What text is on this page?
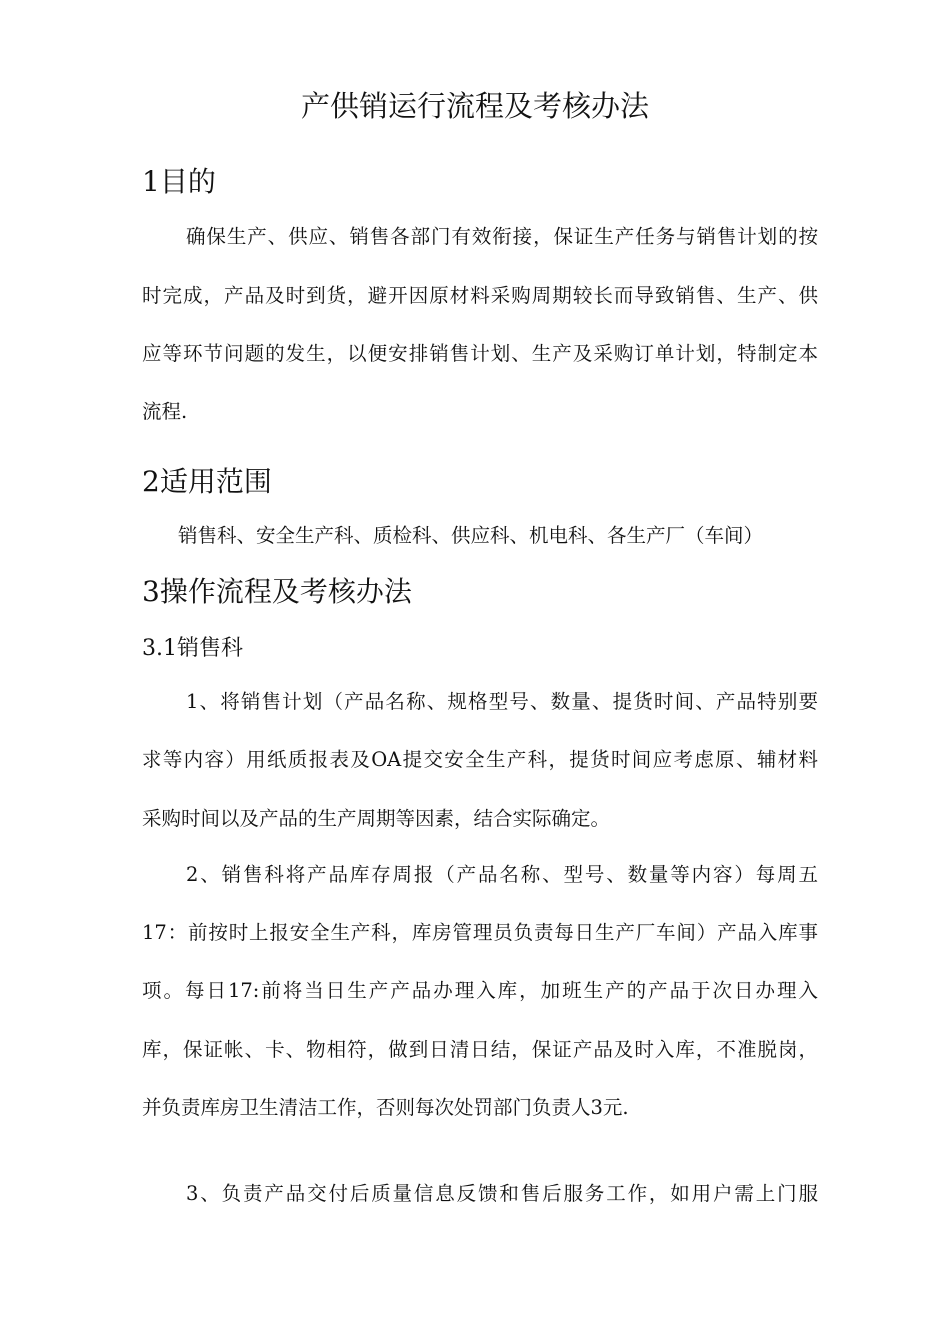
产供销运行流程及考核办法
1目的

确保生产、供应、销售各部门有效衔接，保证生产任务与销售计划的按

时完成，产品及时到货，避开因原材料采购周期较长而导致销售、生产、供

应等环节问题的发生，以便安排销售计划、生产及采购订单计划，特制定本

流程.

2适用范围

销售科、安全生产科、质检科、供应科、机电科、各生产厂（车间）

3操作流程及考核办法
3.1销售科

1、将销售计划（产品名称、规格型号、数量、提货时间、产品特别要

求等内容）用纸质报表及OA提交安全生产科，提货时间应考虑原、辅材料

采购时间以及产品的生产周期等因素，结合实际确定。

2、销售科将产品库存周报（产品名称、型号、数量等内容）每周五

17：前按时上报安全生产科，库房管理员负责每日生产厂车间）产品入库事

项。每日17:前将当日生产产品办理入库，加班生产的产品于次日办理入

库，保证帐、卡、物相符，做到日清日结，保证产品及时入库，不准脱岗，

并负责库房卫生清洁工作，否则每次处罚部门负责人3元.

3、负责产品交付后质量信息反馈和售后服务工作，如用户需上门服
